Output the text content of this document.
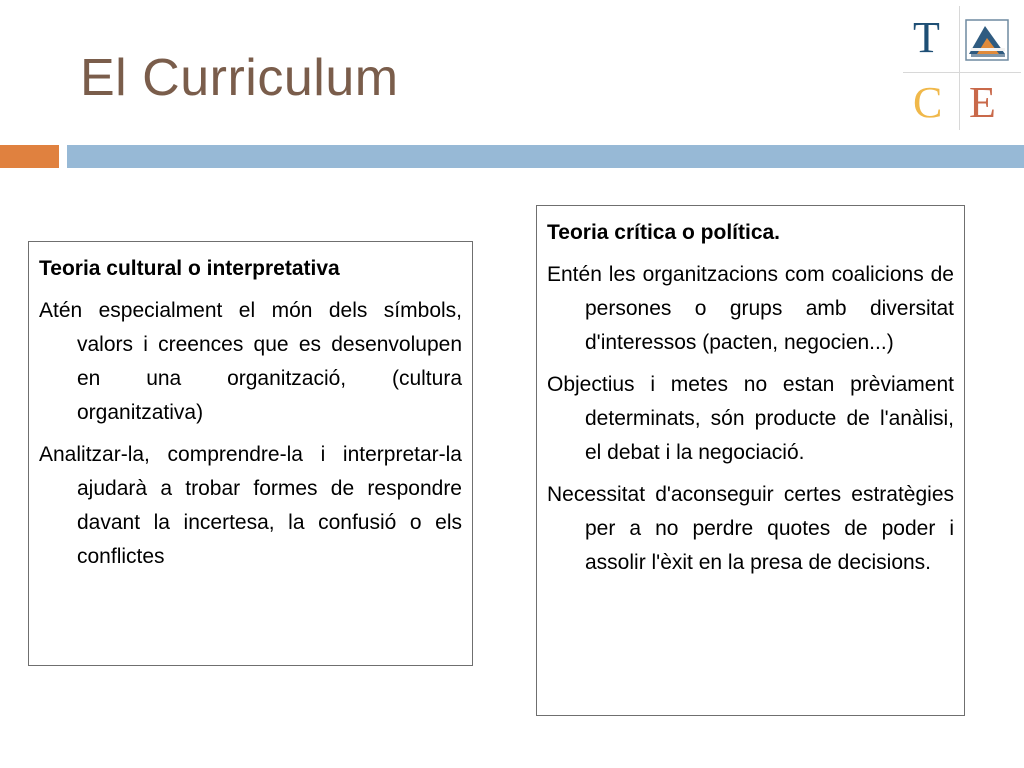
El Curriculum
T
C E
Teoria cultural o interpretativa

Atén especialment el món dels símbols, valors i creences que es desenvolupen en una organització, (cultura organitzativa)

Analitzar-la, comprendre-la i interpretar-la ajudarà a trobar formes de respondre davant la incertesa, la confusió o els conflictes

Teoria crítica o política.

Entén les organitzacions com coalicions de persones o grups amb diversitat d'interessos (pacten, negocien...)

Objectius i metes no estan prèviament determinats, són producte de l'anàlisi, el debat i la negociació.

Necessitat d'aconseguir certes estratègies per a no perdre quotes de poder i assolir l'èxit en la presa de decisions.
